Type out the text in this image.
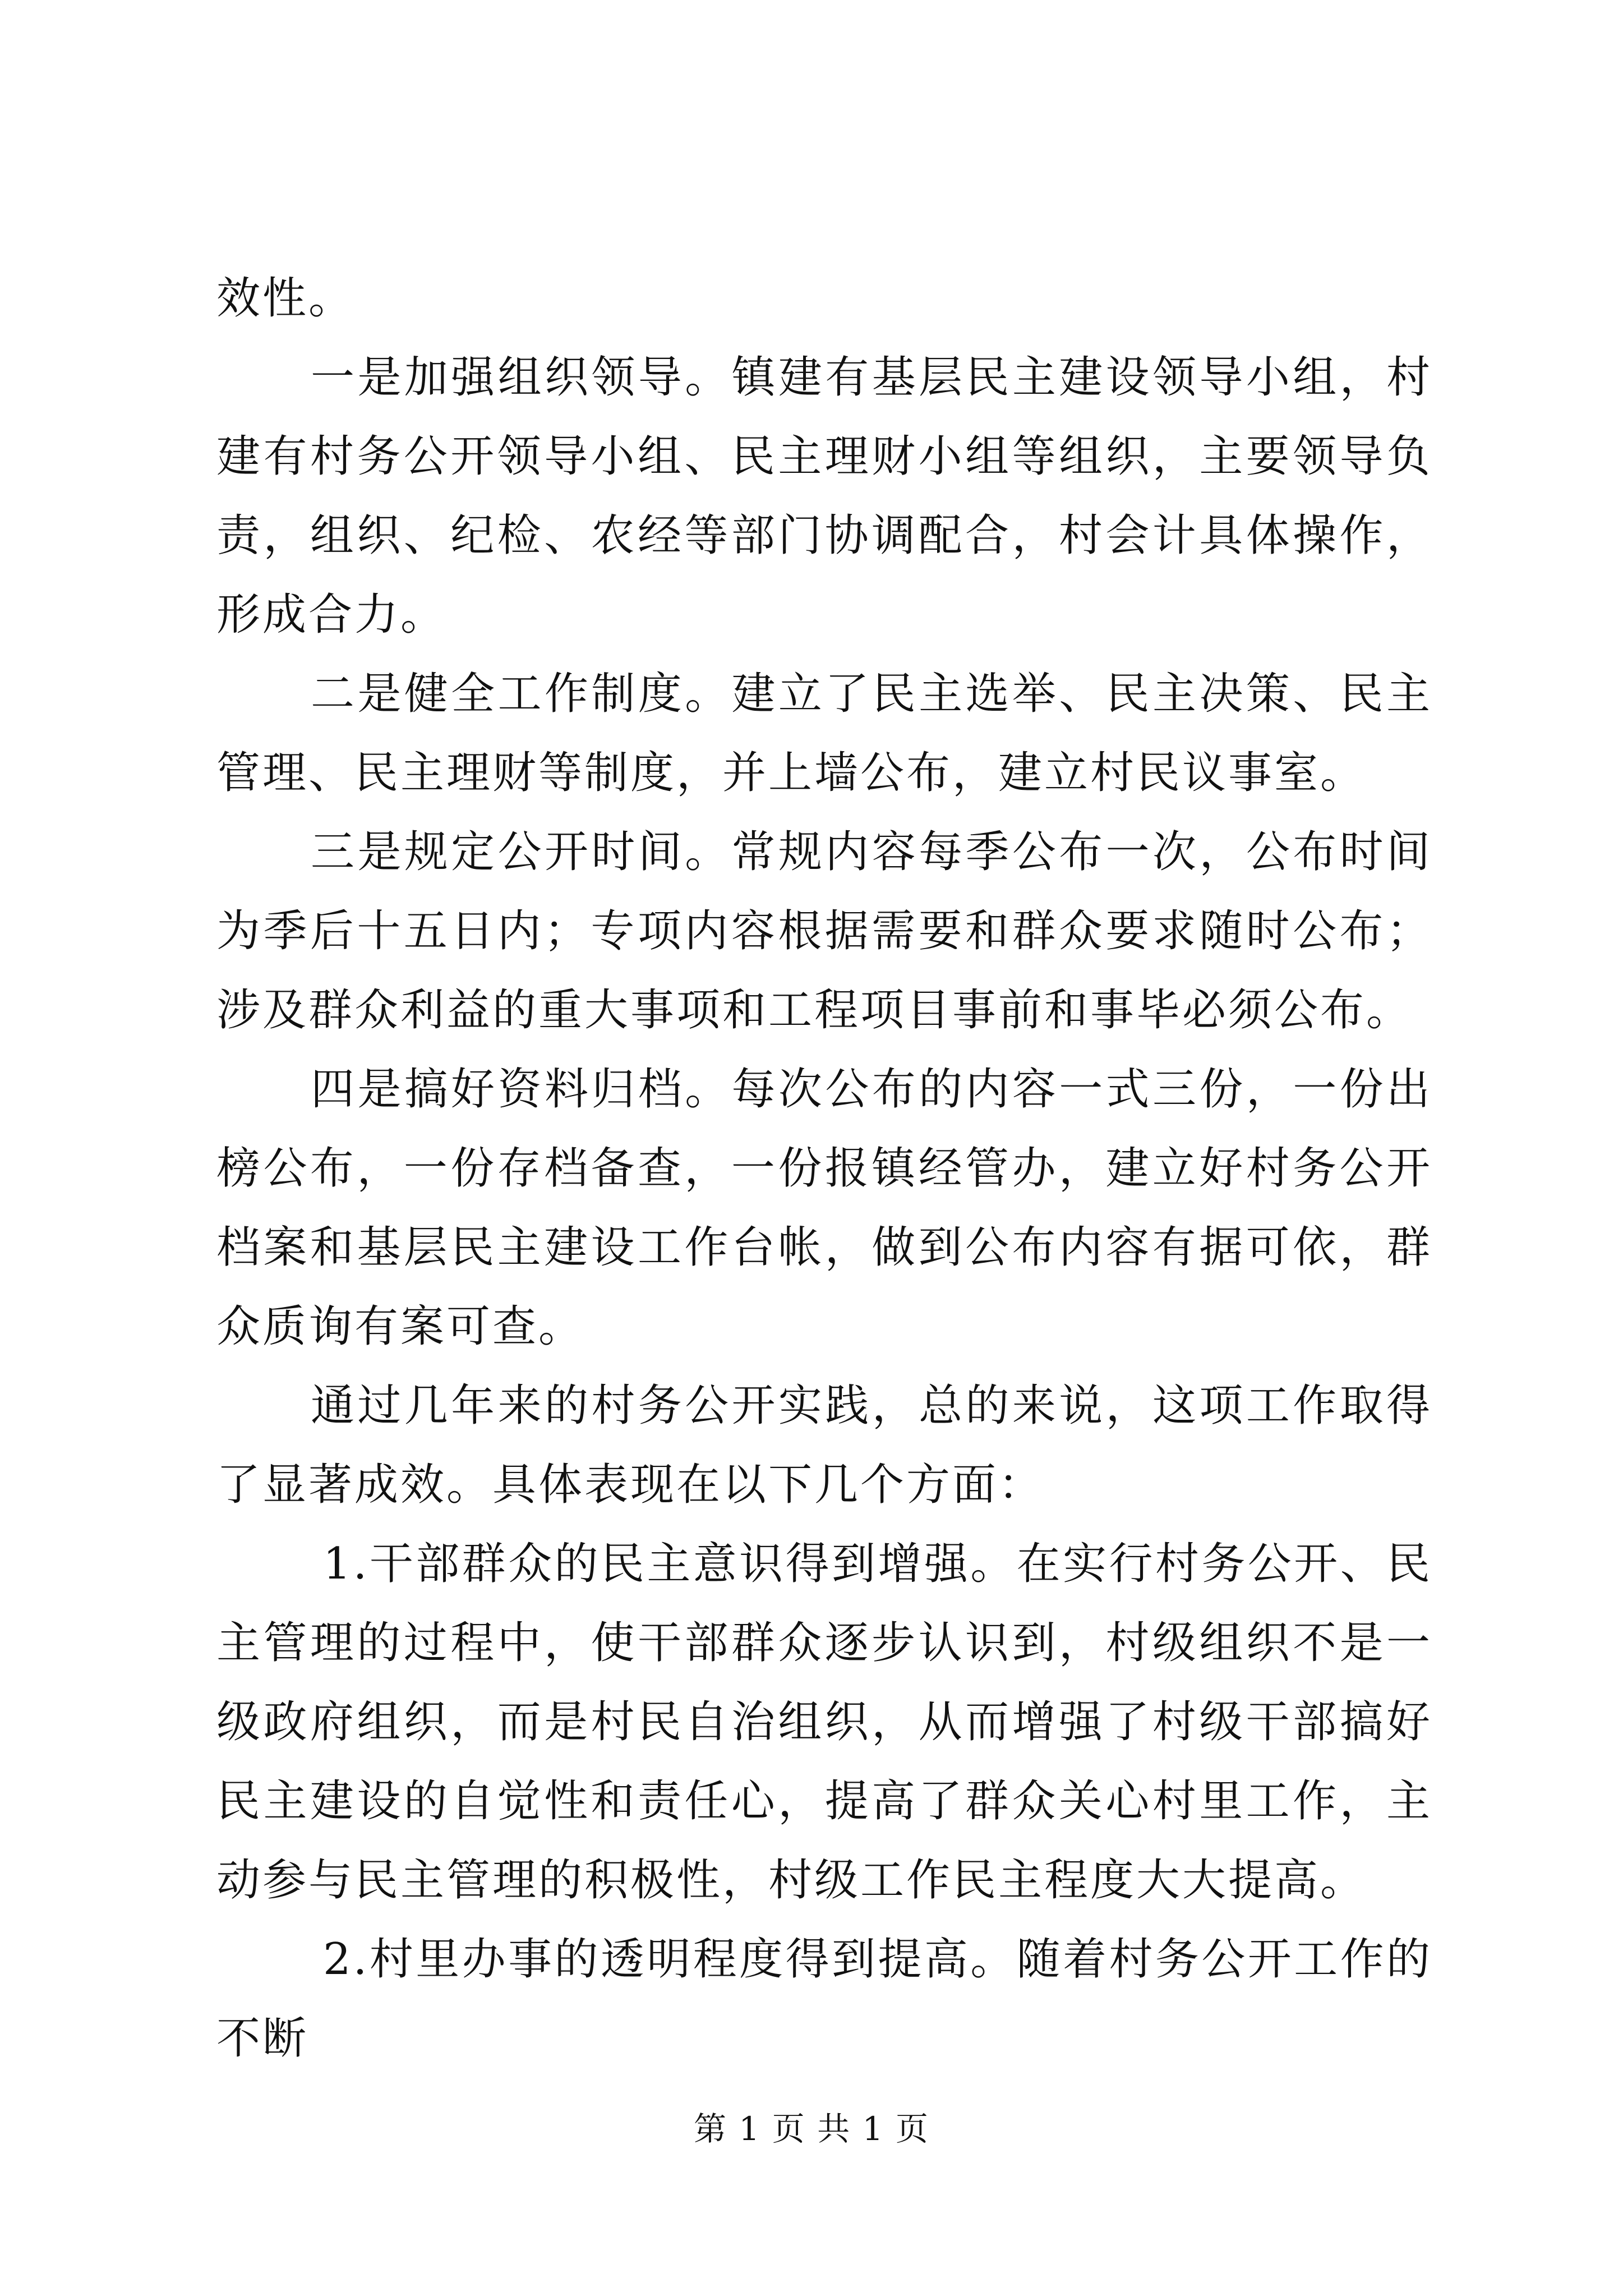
效性。

一是加强组织领导。镇建有基层民主建设领导小组，村建有村务公开领导小组、民主理财小组等组织，主要领导负责，组织、纪检、农经等部门协调配合，村会计具体操作，形成合力。

二是健全工作制度。建立了民主选举、民主决策、民主管理、民主理财等制度，并上墙公布，建立村民议事室。

三是规定公开时间。常规内容每季公布一次，公布时间为季后十五日内；专项内容根据需要和群众要求随时公布；涉及群众利益的重大事项和工程项目事前和事毕必须公布。

四是搞好资料归档。每次公布的内容一式三份，一份出榜公布，一份存档备查，一份报镇经管办，建立好村务公开档案和基层民主建设工作台帐，做到公布内容有据可依，群众质询有案可查。

通过几年来的村务公开实践，总的来说，这项工作取得了显著成效。具体表现在以下几个方面：

1.干部群众的民主意识得到增强。在实行村务公开、民主管理的过程中，使干部群众逐步认识到，村级组织不是一级政府组织，而是村民自治组织，从而增强了村级干部搞好民主建设的自觉性和责任心，提高了群众关心村里工作，主动参与民主管理的积极性，村级工作民主程度大大提高。

2.村里办事的透明程度得到提高。随着村务公开工作的不断

第 1 页 共 1 页
